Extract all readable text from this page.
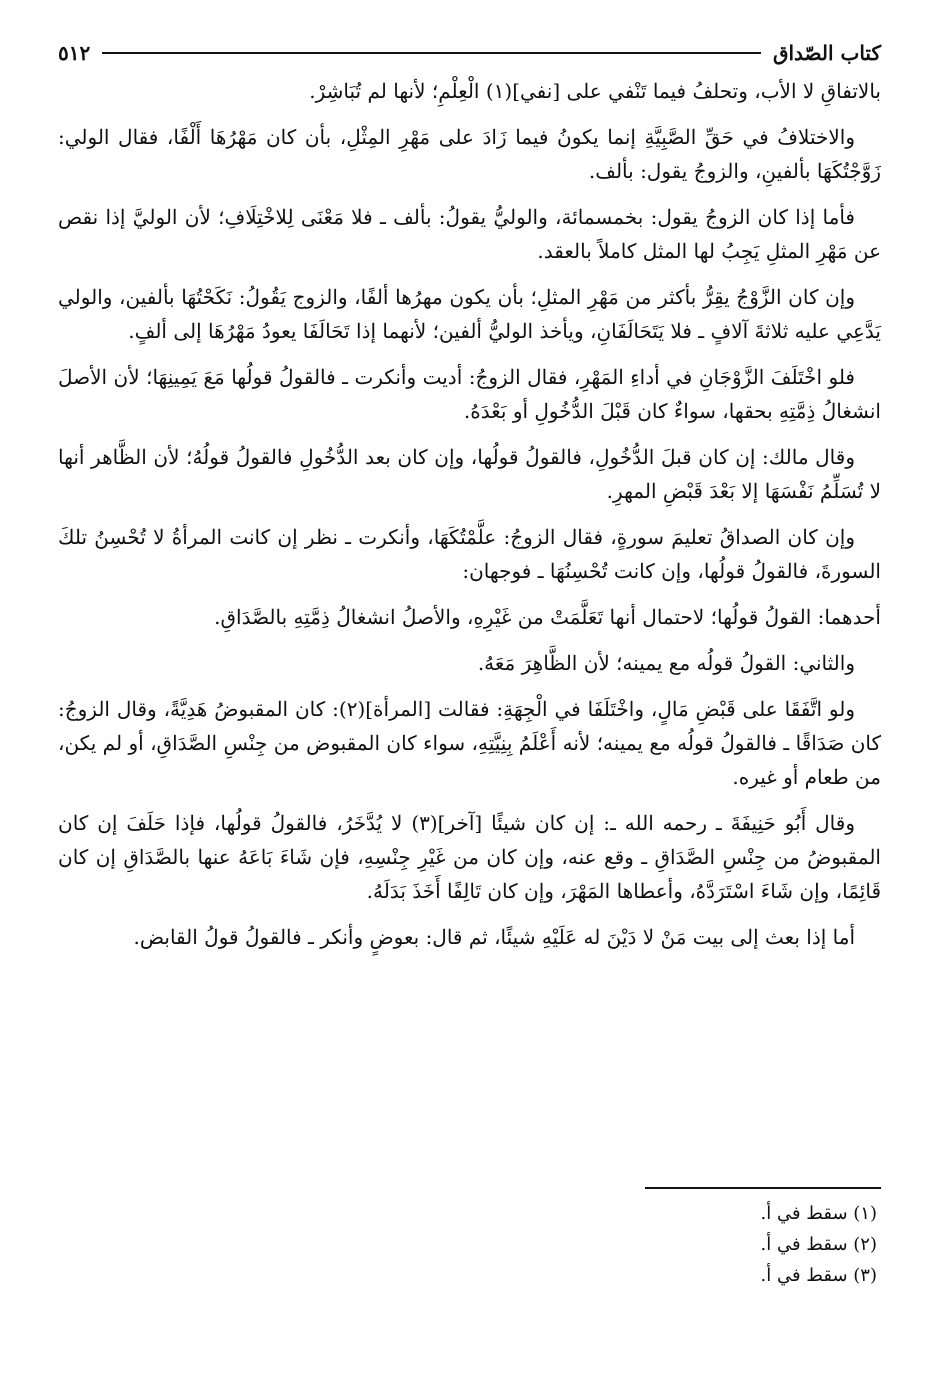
كتاب الصّداق
٥١٢

بالاتفاقِ لا الأب، وتحلفُ فيما تَنْفي على [نفي](١) الْعِلْمِ؛ لأنها لم تُبَاشِرْ.

والاختلافُ في حَقِّ الصَّبِيَّةِ إنما يكونُ فيما زَادَ على مَهْرِ المِثْلِ، بأن كان مَهْرُهَا أَلْفًا، فقال الولي: زَوَّجْتُكَهَا بألفينِ، والزوجُ يقول: بألف.

فأما إذا كان الزوجُ يقول: بخمسمائة، والوليُّ يقولُ: بألف ـ فلا مَعْنَى لِلاخْتِلَافِ؛ لأن الوليَّ إذا نقص عن مَهْرِ المثلِ يَجِبُ لها المثل كاملاً بالعقد.

وإن كان الزَّوْجُ يقِرُّ بأكثر من مَهْرِ المثلِ؛ بأن يكون مهرُها ألفًا، والزوج يَقُولُ: نَكَحْتُهَا بألفين، والولي يَدَّعِي عليه ثلاثةَ آلافٍ ـ فلا يَتَحَالَفَانِ، ويأخذ الوليُّ ألفين؛ لأنهما إذا تَحَالَفَا يعودُ مَهْرُهَا إلى ألفٍ.

فلو اخْتَلَفَ الزَّوْجَانِ في أداءِ المَهْرِ، فقال الزوجُ: أديت وأنكرت ـ فالقولُ قولُها مَعَ يَمِينِهَا؛ لأن الأصلَ انشغالُ ذِمَّتِهِ بحقها، سواءٌ كان قَبْلَ الدُّخُولِ أو بَعْدَهُ.

وقال مالك: إن كان قبلَ الدُّخُولِ، فالقولُ قولُها، وإن كان بعد الدُّخُولِ فالقولُ قولُهُ؛ لأن الظَّاهر أنها لا تُسَلِّمُ نَفْسَهَا إلا بَعْدَ قَبْضِ المهرِ.

وإن كان الصداقُ تعليمَ سورةٍ، فقال الزوجُ: علَّمْتُكَهَا، وأنكرت ـ نظر إن كانت المرأةُ لا تُحْسِنُ تلكَ السورةَ، فالقولُ قولُها، وإن كانت تُحْسِنُهَا ـ فوجهان:

أحدهما: القولُ قولُها؛ لاحتمال أنها تَعَلَّمَتْ من غَيْرِهِ، والأصلُ انشغالُ ذِمَّتِهِ بالصَّدَاقِ.

والثاني: القولُ قولُه مع يمينه؛ لأن الظَّاهِرَ مَعَهُ.

ولو اتَّفَقَا على قَبْضِ مَالٍ، واخْتَلَفَا في الْجِهَةِ: فقالت [المرأة](٢): كان المقبوضُ هَدِيَّةً، وقال الزوجُ: كان صَدَاقًا ـ فالقولُ قولُه مع يمينه؛ لأنه أَعْلَمُ بِنِيَّتِهِ، سواء كان المقبوض من جِنْسِ الصَّدَاقِ، أو لم يكن، من طعام أو غيره.

وقال أَبُو حَنِيفَةَ ـ رحمه الله ـ: إن كان شيئًا [آخر](٣) لا يُدَّخَرُ، فالقولُ قولُها، فإذا حَلَفَ إن كان المقبوضُ من جِنْسِ الصَّدَاقِ ـ وقع عنه، وإن كان من غَيْرِ جِنْسِهِ، فإن شَاءَ بَاعَهُ عنها بالصَّدَاقِ إن كان قَائِمًا، وإن شَاءَ اسْتَرَدَّهُ، وأعطاها المَهْرَ، وإن كان تَالِفًا أَخَذَ بَدَلَهُ.

أما إذا بعث إلى بيت مَنْ لا دَيْنَ له عَلَيْهِ شيئًا، ثم قال: بعوضٍ وأنكر ـ فالقولُ قولُ القابض.

(١) سقط في أ.

(٢) سقط في أ.

(٣) سقط في أ.
